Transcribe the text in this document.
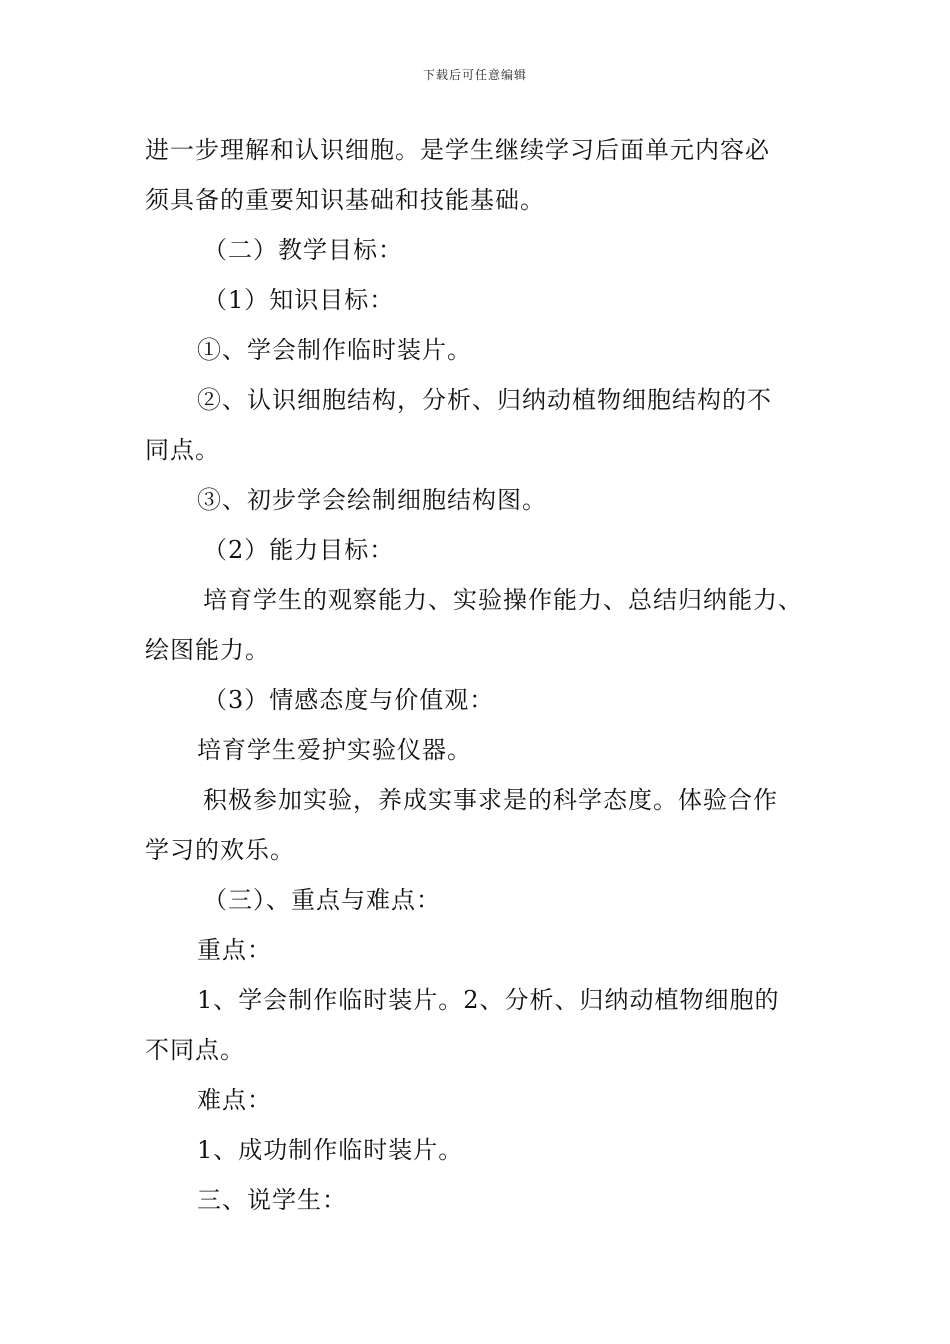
下载后可任意编辑
进一步理解和认识细胞。是学生继续学习后面单元内容必
须具备的重要知识基础和技能基础。
（二）教学目标：
（1）知识目标：
①、学会制作临时装片。
②、认识细胞结构，分析、归纳动植物细胞结构的不
同点。
③、初步学会绘制细胞结构图。
（2）能力目标：
培育学生的观察能力、实验操作能力、总结归纳能力、
绘图能力。
（3）情感态度与价值观：
培育学生爱护实验仪器。
积极参加实验，养成实事求是的科学态度。体验合作
学习的欢乐。
（三）、重点与难点：
重点：
1、学会制作临时装片。2、分析、归纳动植物细胞的
不同点。
难点：
1、成功制作临时装片。
三、说学生：
